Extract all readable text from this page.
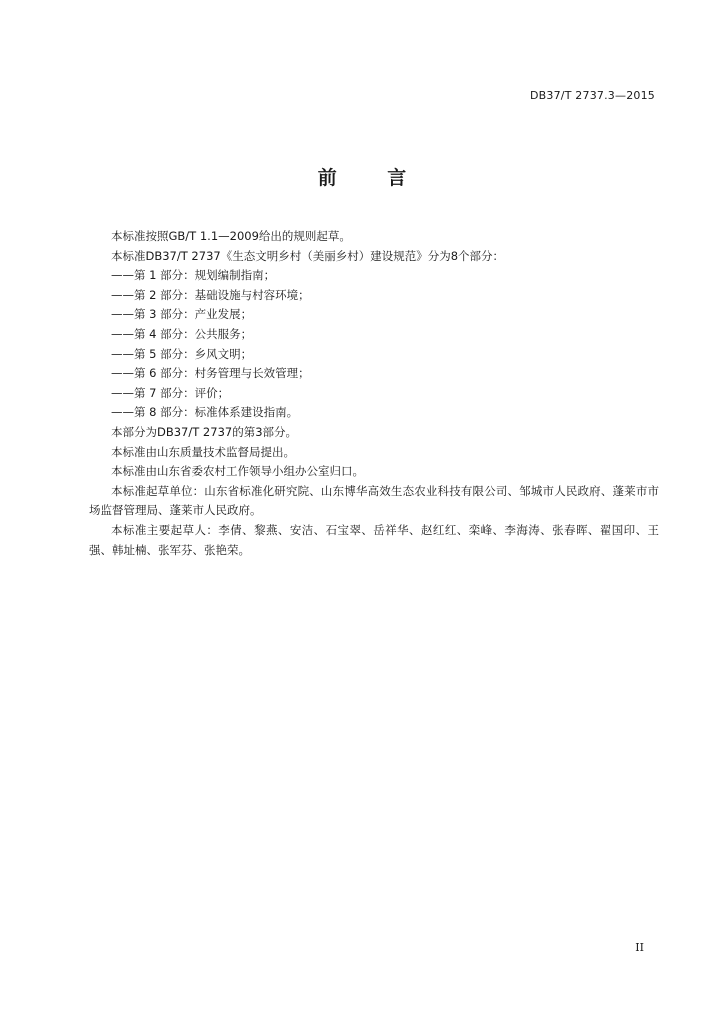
DB37/T 2737.3—2015
前 言
本标准按照GB/T 1.1—2009给出的规则起草。
本标准DB37/T 2737《生态文明乡村（美丽乡村）建设规范》分为8个部分：
——第 1 部分：规划编制指南；
——第 2 部分：基础设施与村容环境；
——第 3 部分：产业发展；
——第 4 部分：公共服务；
——第 5 部分：乡风文明；
——第 6 部分：村务管理与长效管理；
——第 7 部分：评价；
——第 8 部分：标准体系建设指南。
本部分为DB37/T 2737的第3部分。
本标准由山东质量技术监督局提出。
本标准由山东省委农村工作领导小组办公室归口。
本标准起草单位：山东省标准化研究院、山东博华高效生态农业科技有限公司、邹城市人民政府、蓬莱市市场监督管理局、蓬莱市人民政府。
本标准主要起草人：李倩、黎燕、安洁、石宝翠、岳祥华、赵红红、栾峰、李海涛、张春晖、翟国印、王强、韩址楠、张军芬、张艳荣。
II
